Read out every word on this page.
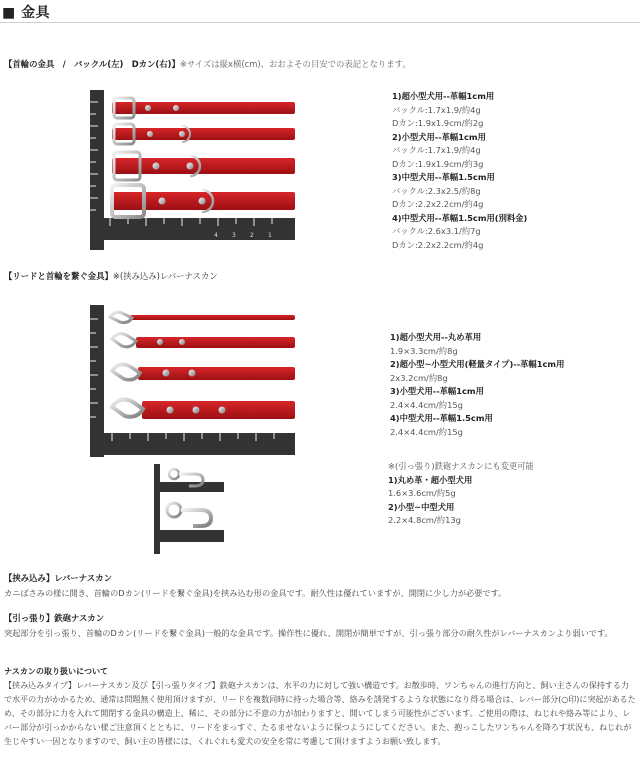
■ 金具
【首輪の金具　/　バックル(左)　Dカン(右)】※サイズは縦x横(cm)、おおよその目安での表記となります。
4 3 2 1
1)超小型犬用--革幅1cm用
バックル:1.7x1.9/約4g
Dカン:1.9x1.9cm/約2g
2)小型犬用--革幅1cm用
バックル:1.7x1.9/約4g
Dカン:1.9x1.9cm/約3g
3)中型犬用--革幅1.5cm用
バックル:2.3x2.5/約8g
Dカン:2.2x2.2cm/約4g
4)中型犬用--革幅1.5cm用(別料金)
バックル:2.6x3.1/約7g
Dカン:2.2x2.2cm/約4g
【リードと首輪を繋ぐ金具】※(挟み込み)レバーナスカン
1)超小型犬用--丸め革用
1.9×3.3cm/約8g
2)超小型~小型犬用(軽量タイプ)--革幅1cm用
2x3.2cm/約8g
3)小型犬用--革幅1cm用
2.4×4.4cm/約15g
4)中型犬用--革幅1.5cm用
2.4×4.4cm/約15g
※(引っ張り)鉄砲ナスカンにも変更可能
1)丸め革・超小型犬用
1.6×3.6cm/約5g
2)小型~中型犬用
2.2×4.8cm/約13g
【挟み込み】レバーナスカン
カニばさみの様に開き、首輪のDカン(リードを繋ぐ金具)を挟み込む形の金具です。耐久性は優れていますが、開閉に少し力が必要です。
【引っ張り】鉄砲ナスカン
突起部分を引っ張り、首輪のDカン(リードを繋ぐ金具)一般的な金具です。操作性に優れ、開閉が簡単ですが、引っ張り部分の耐久性がレバーナスカンより弱いです。
ナスカンの取り扱いについて
【挟み込みタイプ】レバーナスカン及び【引っ張りタイプ】鉄砲ナスカンは、水平の力に対して強い構造です。お散歩時、ワンちゃんの進行方向と、飼い主さんの保持する力で水平の力がかかるため、通常は問題無く使用頂けますが、リードを複数同時に持った場合等、絡みを誘発するような状態になり得る場合は、レバー部分(○印)に突起があるため、その部分に力を入れて開閉する金具の構造上、稀に、その部分に不意の力が加わりますと、開いてしまう可能性がございます。ご使用の際は、ねじれや絡み等により、レバー部分が引っかからない様ご注意頂くとともに、リードをまっすぐ、たるませないように保つようにしてください。また、抱っこしたワンちゃんを降ろす状況も、ねじれが生じやすい一因となりますので、飼い主の皆様には、くれぐれも愛犬の安全を常に考慮して頂けますようお願い致します。
